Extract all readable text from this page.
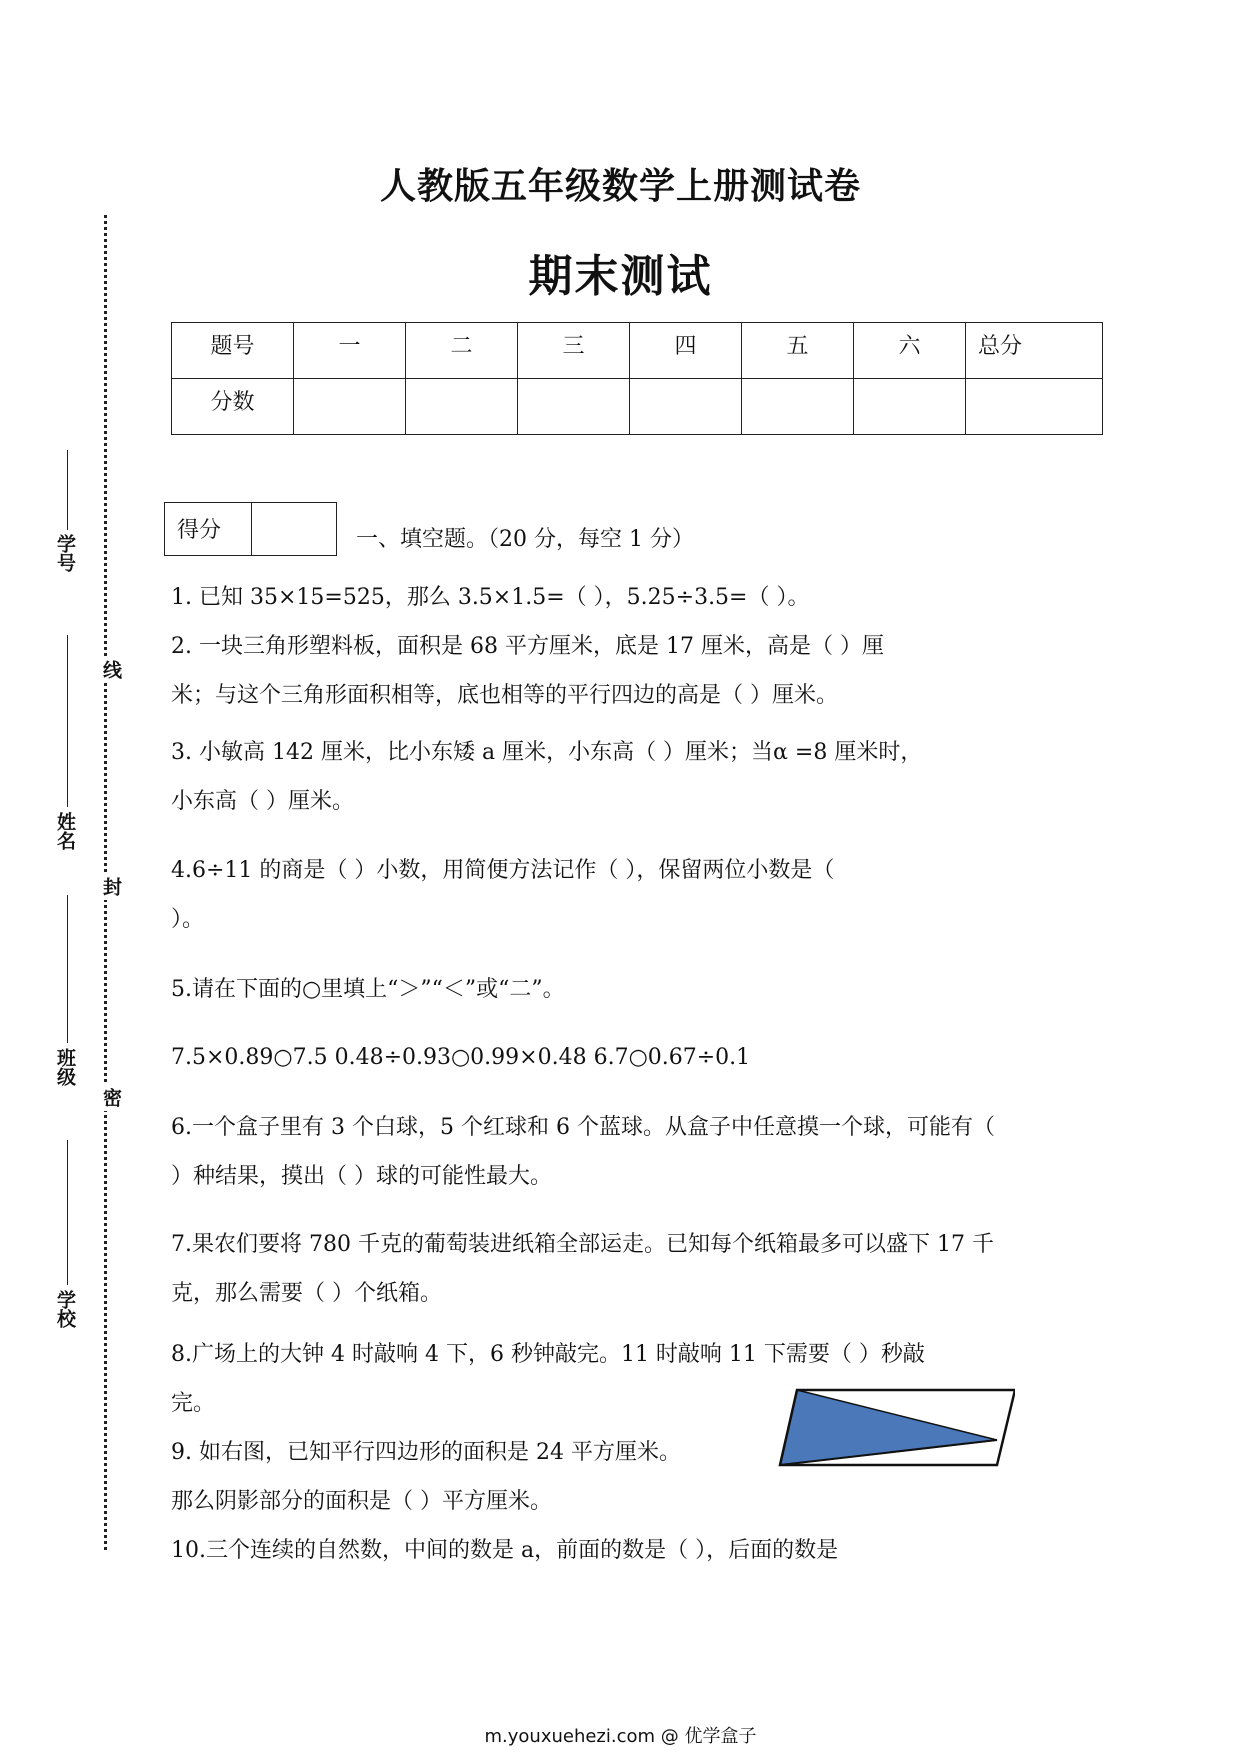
人教版五年级数学上册测试卷
期末测试
题号	一	二	三	四	五	六	总分
分数							
学号
姓名
班级
学校
线
封
密
得分	一、填空题。（20 分，每空 1 分）
1. 已知 35×15=525，那么 3.5×1.5=（ ），5.25÷3.5=（ ）。
2. 一块三角形塑料板，面积是 68 平方厘米，底是 17 厘米，高是（ ）厘
米；与这个三角形面积相等，底也相等的平行四边的高是（ ）厘米。
3. 小敏高 142 厘米，比小东矮 a 厘米，小东高（ ）厘米；当α =8 厘米时，
小东高（ ）厘米。
4.6÷11 的商是（ ）小数，用简便方法记作（ ），保留两位小数是（
）。
5.请在下面的○里填上“＞”“＜”或“二”。
7.5×0.89○7.5 0.48÷0.93○0.99×0.48 6.7○0.67÷0.1
6.一个盒子里有 3 个白球，5 个红球和 6 个蓝球。从盒子中任意摸一个球，可能有（
）种结果，摸出（ ）球的可能性最大。
7.果农们要将 780 千克的葡萄装进纸箱全部运走。已知每个纸箱最多可以盛下 17 千
克，那么需要（ ）个纸箱。
8.广场上的大钟 4 时敲响 4 下，6 秒钟敲完。11 时敲响 11 下需要（ ）秒敲
完。
9. 如右图，已知平行四边形的面积是 24 平方厘米。
那么阴影部分的面积是（ ）平方厘米。
10.三个连续的自然数，中间的数是 a，前面的数是（ ），后面的数是
m.youxuehezi.com @ 优学盒子
